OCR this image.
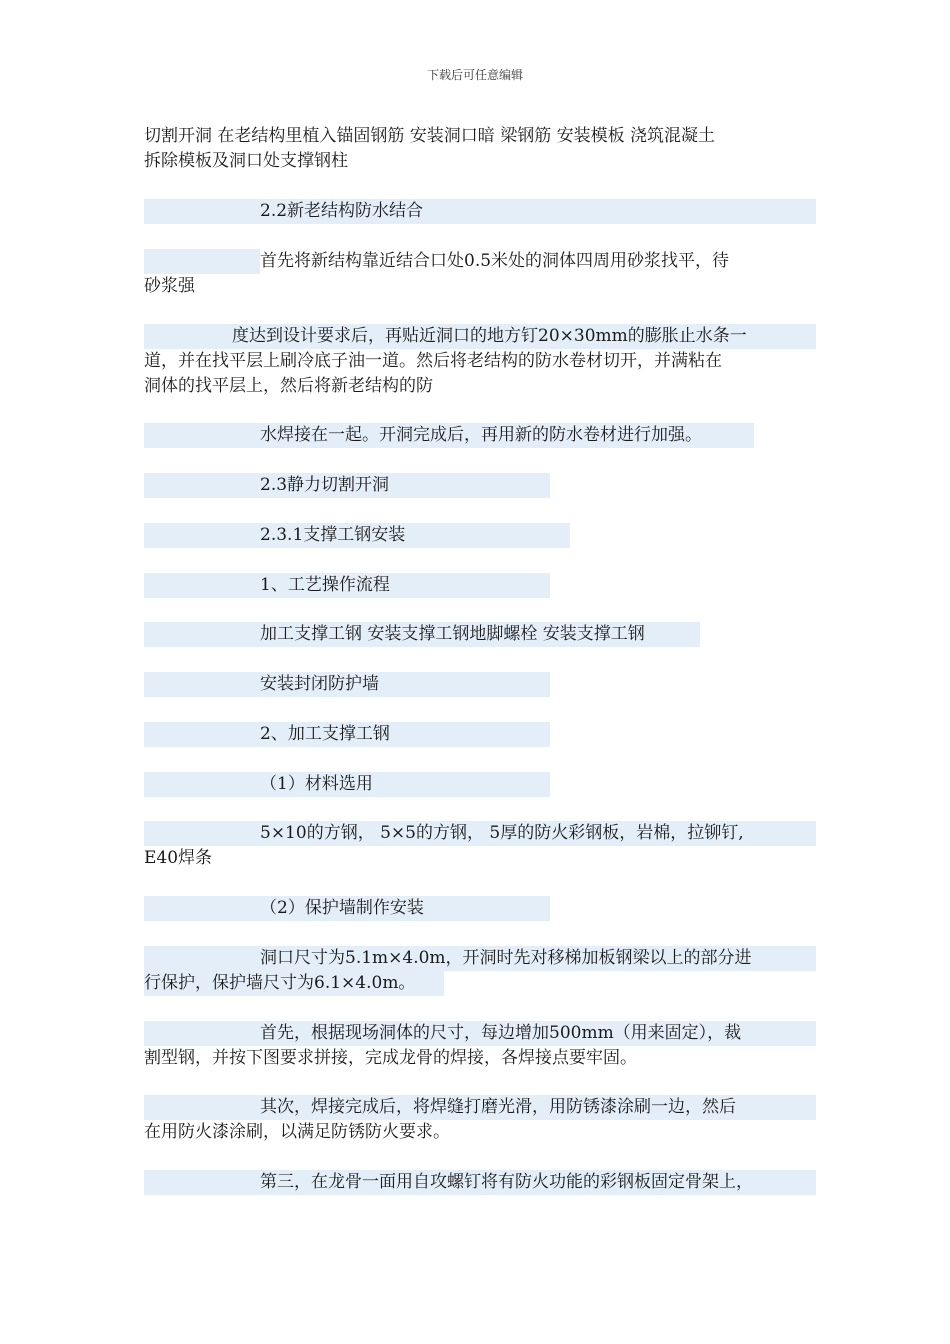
下载后可任意编辑
切割开洞 在老结构里植入锚固钢筋 安装洞口暗 梁钢筋 安装模板 浇筑混凝土
拆除模板及洞口处支撑钢柱
2.2新老结构防水结合
首先将新结构靠近结合口处0.5米处的洞体四周用砂浆找平，待
砂浆强
度达到设计要求后，再贴近洞口的地方钉20×30mm的膨胀止水条一
道，并在找平层上刷冷底子油一道。然后将老结构的防水卷材切开，并满粘在
洞体的找平层上，然后将新老结构的防
水焊接在一起。开洞完成后，再用新的防水卷材进行加强。
2.3静力切割开洞
2.3.1支撑工钢安装
1、工艺操作流程
加工支撑工钢 安装支撑工钢地脚螺栓 安装支撑工钢
安装封闭防护墙
2、加工支撑工钢
（1）材料选用
5×10的方钢， 5×5的方钢， 5厚的防火彩钢板，岩棉，拉铆钉,
E40焊条
（2）保护墙制作安装
洞口尺寸为5.1m×4.0m，开洞时先对移梯加板钢梁以上的部分进
行保护，保护墙尺寸为6.1×4.0m。
首先，根据现场洞体的尺寸，每边增加500mm（用来固定），裁
割型钢，并按下图要求拼接，完成龙骨的焊接，各焊接点要牢固。
其次，焊接完成后，将焊缝打磨光滑，用防锈漆涂刷一边，然后
在用防火漆涂刷，以满足防锈防火要求。
第三，在龙骨一面用自攻螺钉将有防火功能的彩钢板固定骨架上，
